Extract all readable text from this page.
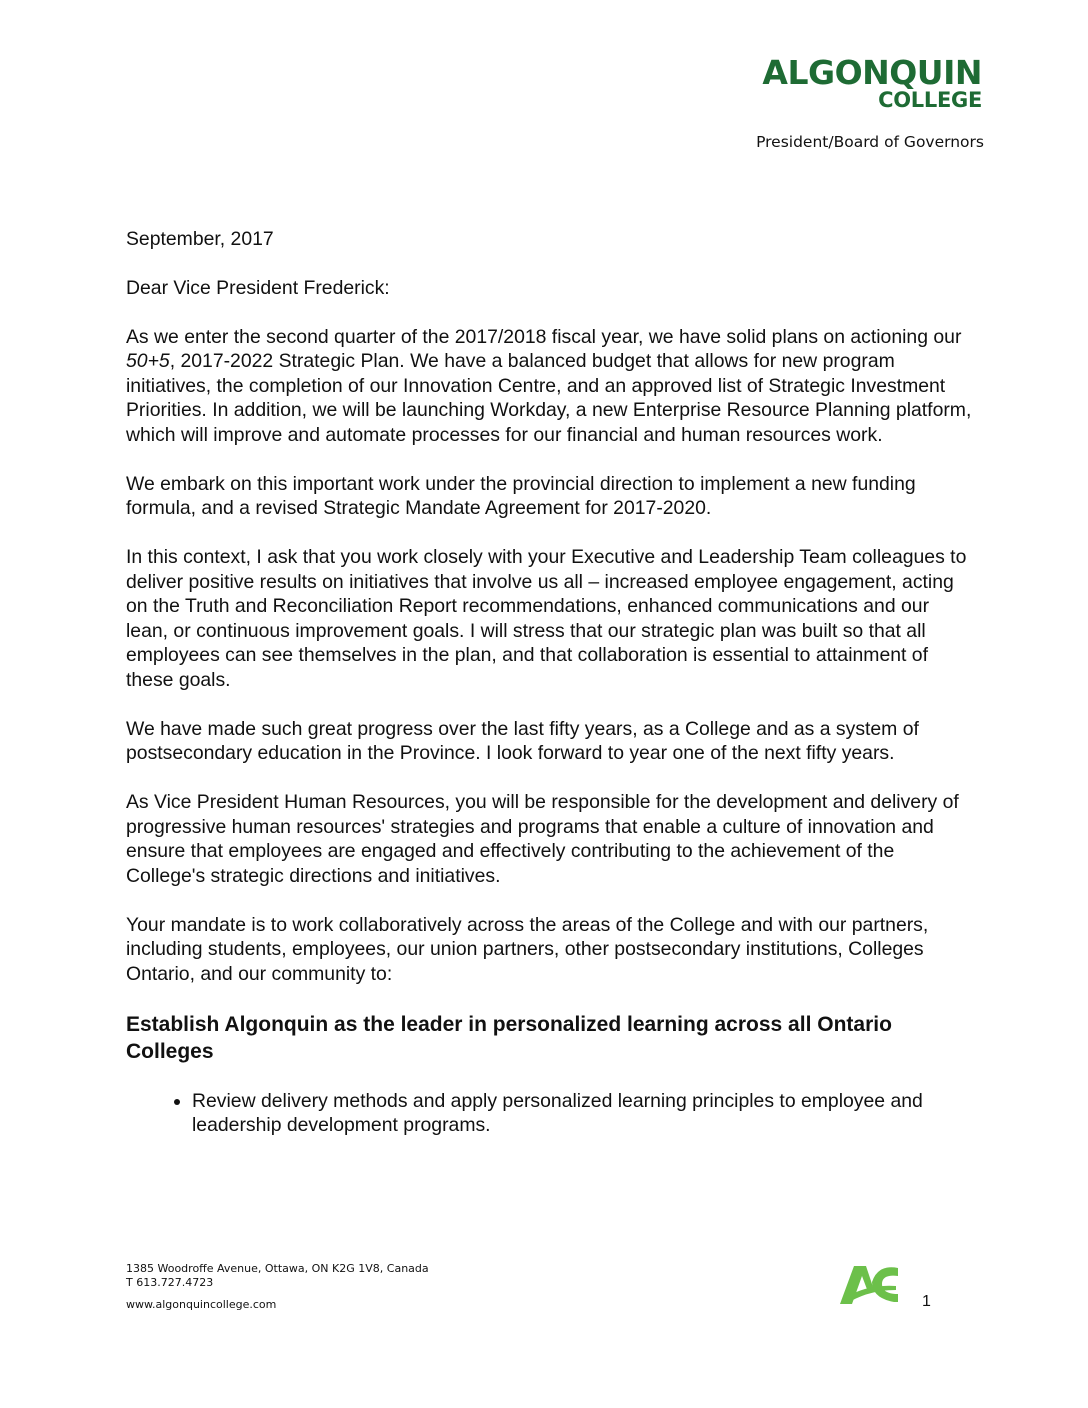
ALGONQUIN
COLLEGE
President/Board of Governors

September, 2017

Dear Vice President Frederick:

As we enter the second quarter of the 2017/2018 fiscal year, we have solid plans on actioning our 50+5, 2017-2022 Strategic Plan. We have a balanced budget that allows for new program initiatives, the completion of our Innovation Centre, and an approved list of Strategic Investment Priorities. In addition, we will be launching Workday, a new Enterprise Resource Planning platform, which will improve and automate processes for our financial and human resources work.

We embark on this important work under the provincial direction to implement a new funding formula, and a revised Strategic Mandate Agreement for 2017-2020.

In this context, I ask that you work closely with your Executive and Leadership Team colleagues to deliver positive results on initiatives that involve us all – increased employee engagement, acting on the Truth and Reconciliation Report recommendations, enhanced communications and our lean, or continuous improvement goals. I will stress that our strategic plan was built so that all employees can see themselves in the plan, and that collaboration is essential to attainment of these goals.

We have made such great progress over the last fifty years, as a College and as a system of postsecondary education in the Province. I look forward to year one of the next fifty years.

As Vice President Human Resources, you will be responsible for the development and delivery of progressive human resources' strategies and programs that enable a culture of innovation and ensure that employees are engaged and effectively contributing to the achievement of the College's strategic directions and initiatives.

Your mandate is to work collaboratively across the areas of the College and with our partners, including students, employees, our union partners, other postsecondary institutions, Colleges Ontario, and our community to:

Establish Algonquin as the leader in personalized learning across all Ontario Colleges
• Review delivery methods and apply personalized learning principles to employee and leadership development programs.
1385 Woodroffe Avenue, Ottawa, ON K2G 1V8, Canada
T 613.727.4723
www.algonquincollege.com	1
